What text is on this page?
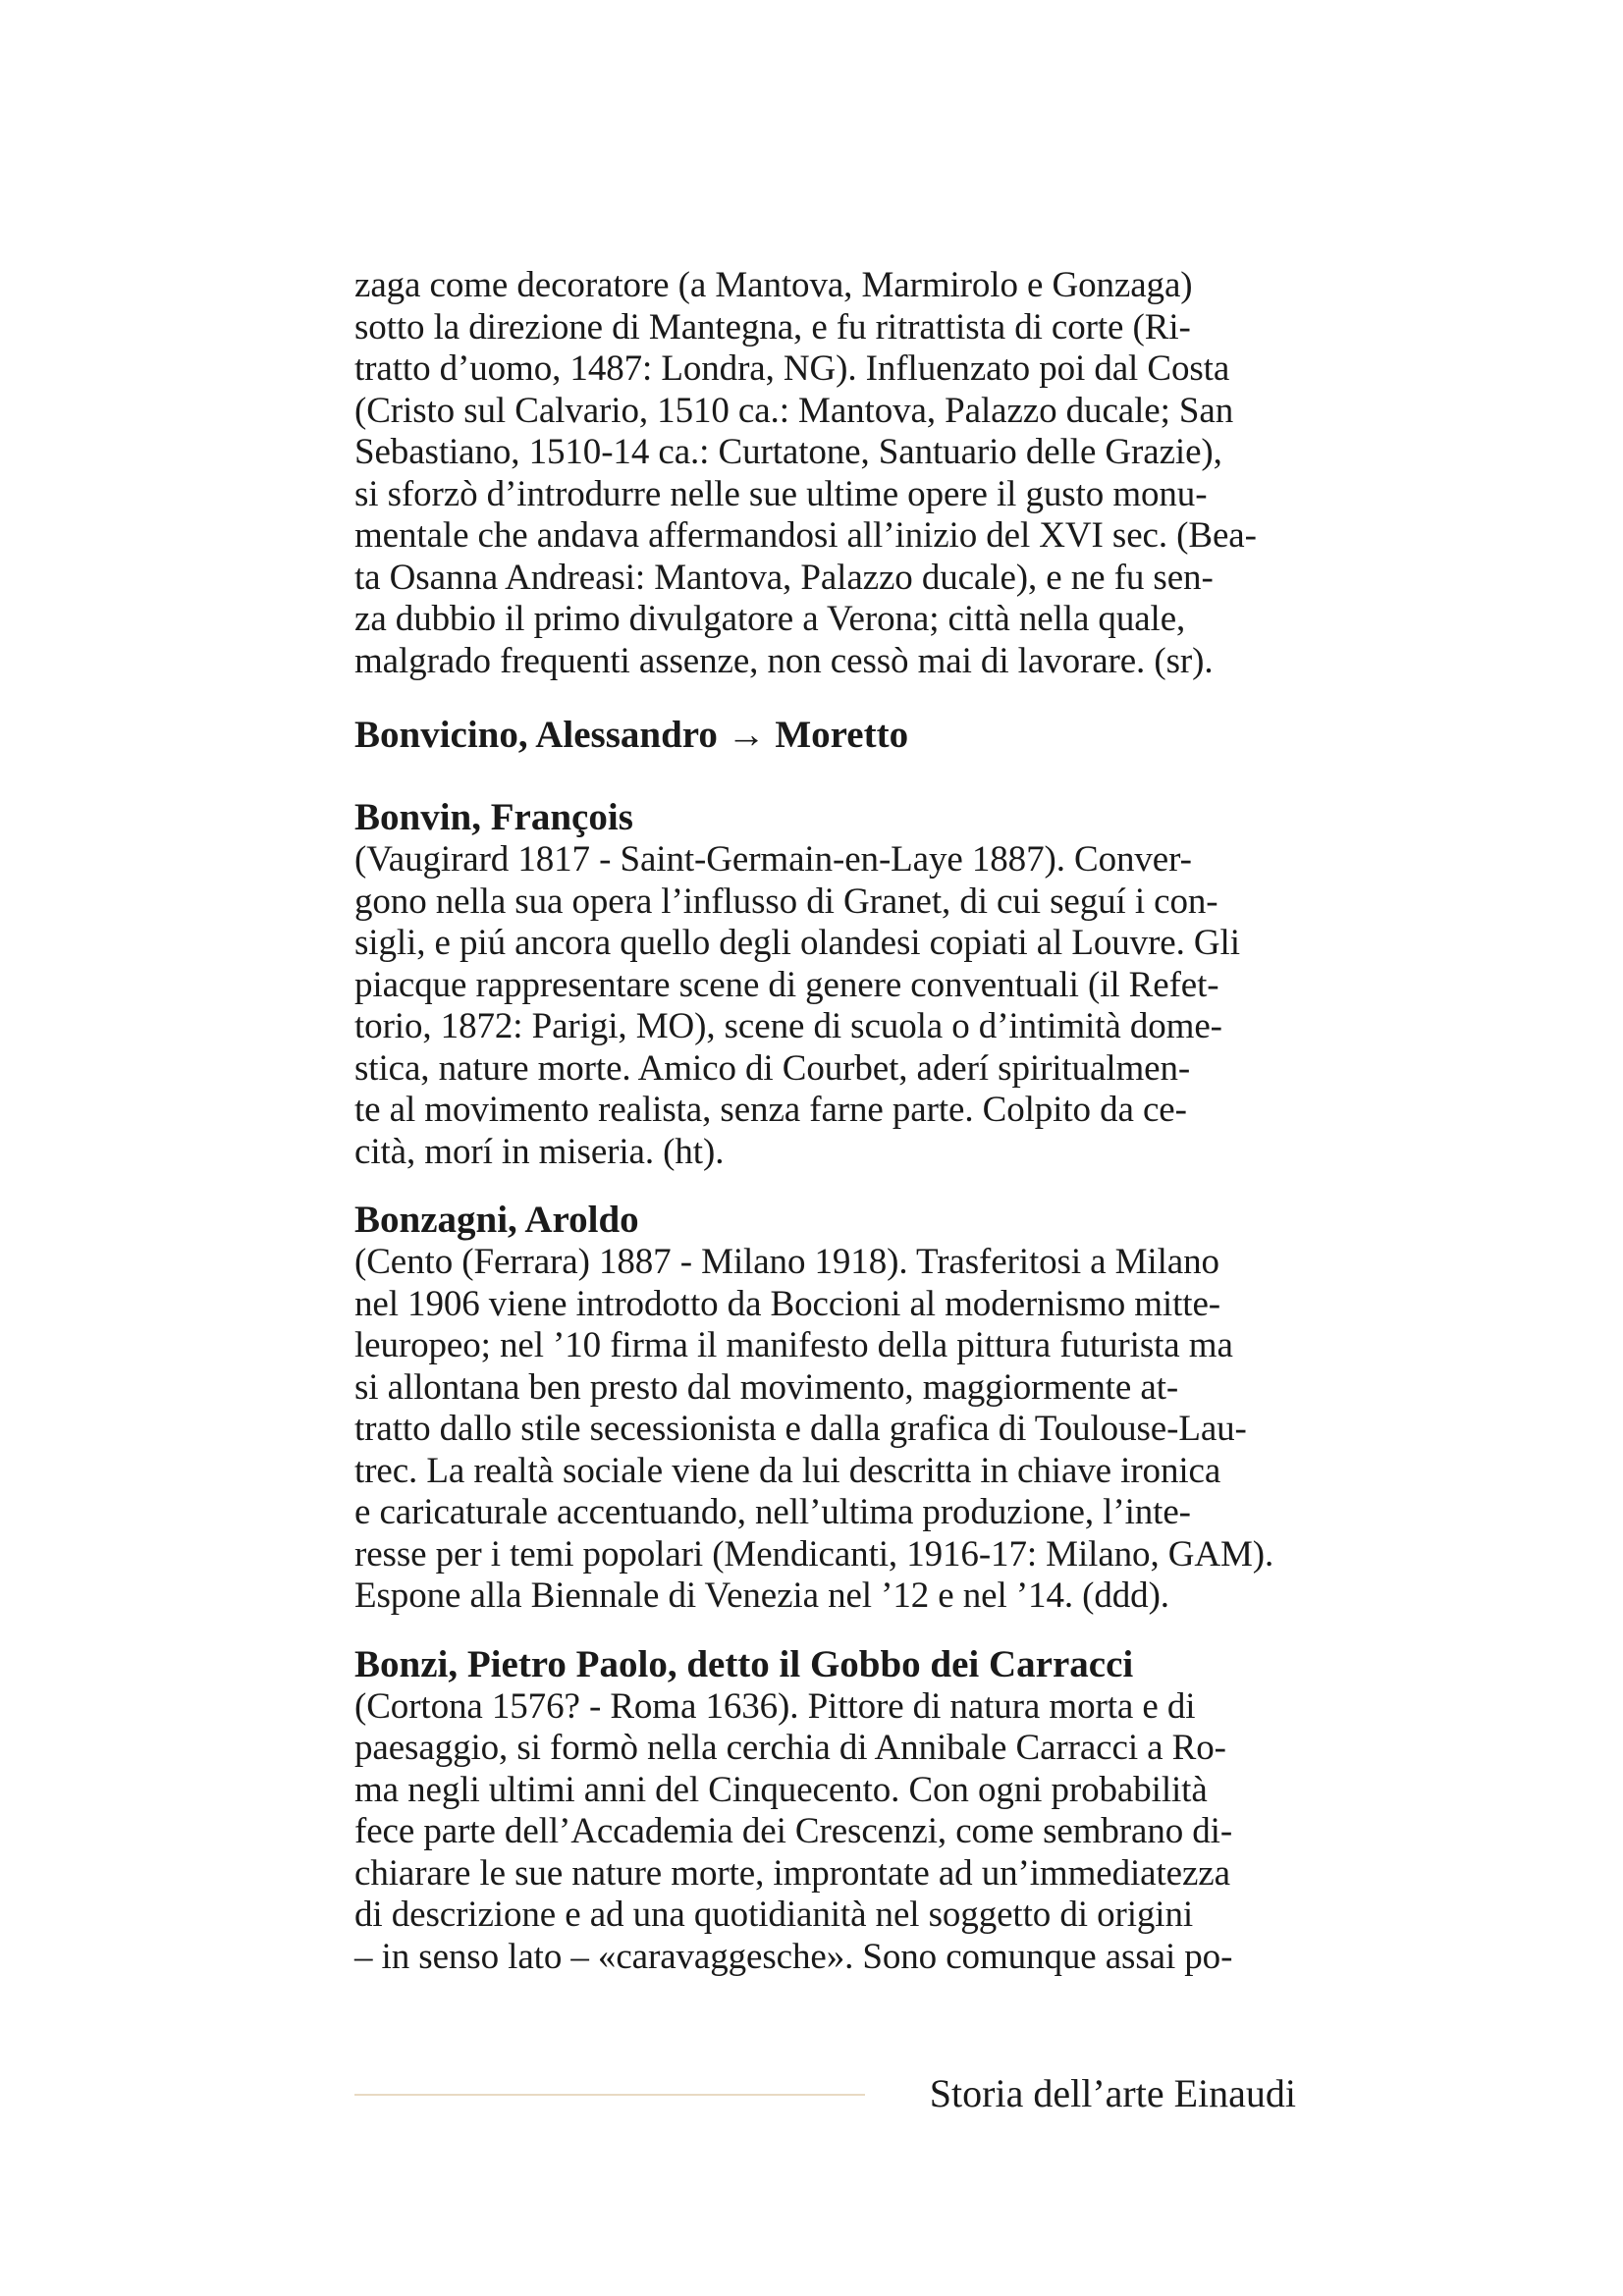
zaga come decoratore (a Mantova, Marmirolo e Gonzaga)
sotto la direzione di Mantegna, e fu ritrattista di corte (Ri-
tratto d’uomo, 1487: Londra, NG). Influenzato poi dal Costa
(Cristo sul Calvario, 1510 ca.: Mantova, Palazzo ducale; San
Sebastiano, 1510-14 ca.: Curtatone, Santuario delle Grazie),
si sforzò d’introdurre nelle sue ultime opere il gusto monu-
mentale che andava affermandosi all’inizio del XVI sec. (Bea-
ta Osanna Andreasi: Mantova, Palazzo ducale), e ne fu sen-
za dubbio il primo divulgatore a Verona; città nella quale,
malgrado frequenti assenze, non cessò mai di lavorare. (sr).
Bonvicino, Alessandro → Moretto
Bonvin, François
(Vaugirard 1817 - Saint-Germain-en-Laye 1887). Conver-
gono nella sua opera l’influsso di Granet, di cui seguí i con-
sigli, e piú ancora quello degli olandesi copiati al Louvre. Gli
piacque rappresentare scene di genere conventuali (il Refet-
torio, 1872: Parigi, MO), scene di scuola o d’intimità dome-
stica, nature morte. Amico di Courbet, aderí spiritualmen-
te al movimento realista, senza farne parte. Colpito da ce-
cità, morí in miseria. (ht).
Bonzagni, Aroldo
(Cento (Ferrara) 1887 - Milano 1918). Trasferitosi a Milano
nel 1906 viene introdotto da Boccioni al modernismo mitte-
leuropeo; nel ’10 firma il manifesto della pittura futurista ma
si allontana ben presto dal movimento, maggiormente at-
tratto dallo stile secessionista e dalla grafica di Toulouse-Lau-
trec. La realtà sociale viene da lui descritta in chiave ironica
e caricaturale accentuando, nell’ultima produzione, l’inte-
resse per i temi popolari (Mendicanti, 1916-17: Milano, GAM).
Espone alla Biennale di Venezia nel ’12 e nel ’14. (ddd).
Bonzi, Pietro Paolo, detto il Gobbo dei Carracci
(Cortona 1576? - Roma 1636). Pittore di natura morta e di
paesaggio, si formò nella cerchia di Annibale Carracci a Ro-
ma negli ultimi anni del Cinquecento. Con ogni probabilità
fece parte dell’Accademia dei Crescenzi, come sembrano di-
chiarare le sue nature morte, improntate ad un’immediatezza
di descrizione e ad una quotidianità nel soggetto di origini
– in senso lato – «caravaggesche». Sono comunque assai po-
Storia dell’arte Einaudi
